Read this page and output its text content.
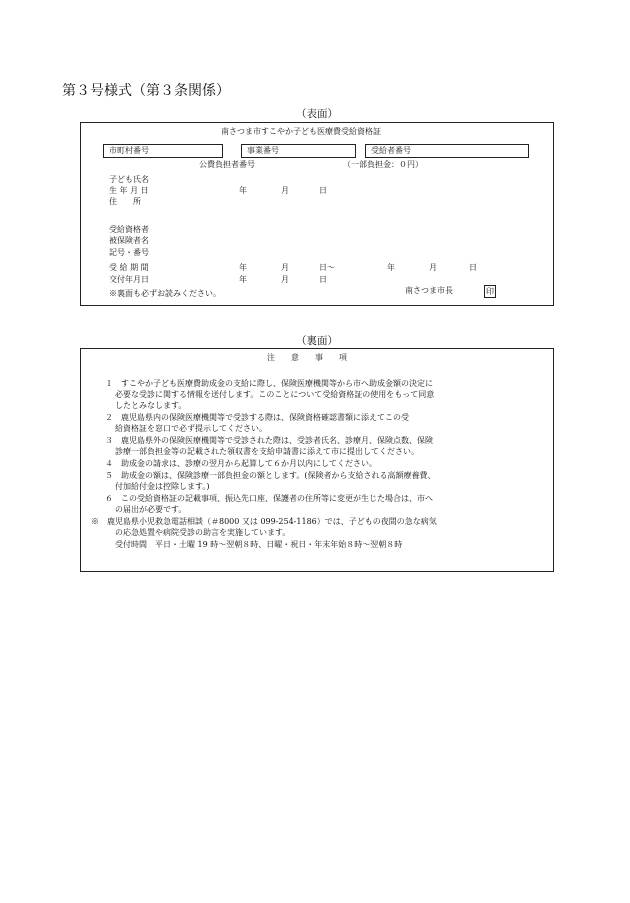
第３号様式（第３条関係）
（表面）
南さつま市すこやか子ども医療費受給資格証
市町村番号	事業番号	受給者番号
公費負担者番号	（一部負担金：０円）
子ども氏名
生 年 月 日	年	月	日
住　　所
受給資格者
被保険者名
記号・番号
受 給 期 間	年	月	日～	年	月	日
交付年月日	年	月	日
※裏面も必ずお読みください。	南さつま市長	印
（裏面）
注　　意　　事　　項
１　すこやか子ども医療費助成金の支給に際し、保険医療機関等から市へ助成金額の決定に
必要な受診に関する情報を送付します。このことについて受給資格証の使用をもって同意
したとみなします。
２　鹿児島県内の保険医療機関等で受診する際は、保険資格確認書類に添えてこの受
給資格証を窓口で必ず提示してください。
３　鹿児島県外の保険医療機関等で受診された際は、受診者氏名、診療月、保険点数、保険
診療一部負担金等の記載された領収書を支給申請書に添えて市に提出してください。
４　助成金の請求は、診療の翌月から起算して６か月以内にしてください。
５　助成金の額は、保険診療一部負担金の額とします。(保険者から支給される高額療養費、
付加給付金は控除します。)
６　この受給資格証の記載事項、振込先口座、保護者の住所等に変更が生じた場合は、市へ
の届出が必要です。
※　鹿児島県小児救急電話相談（＃8000 又は 099-254-1186）では、子どもの夜間の急な病気
の応急処置や病院受診の助言を実施しています。
受付時間　平日・土曜 19 時～翌朝８時、日曜・祝日・年末年始８時～翌朝８時
